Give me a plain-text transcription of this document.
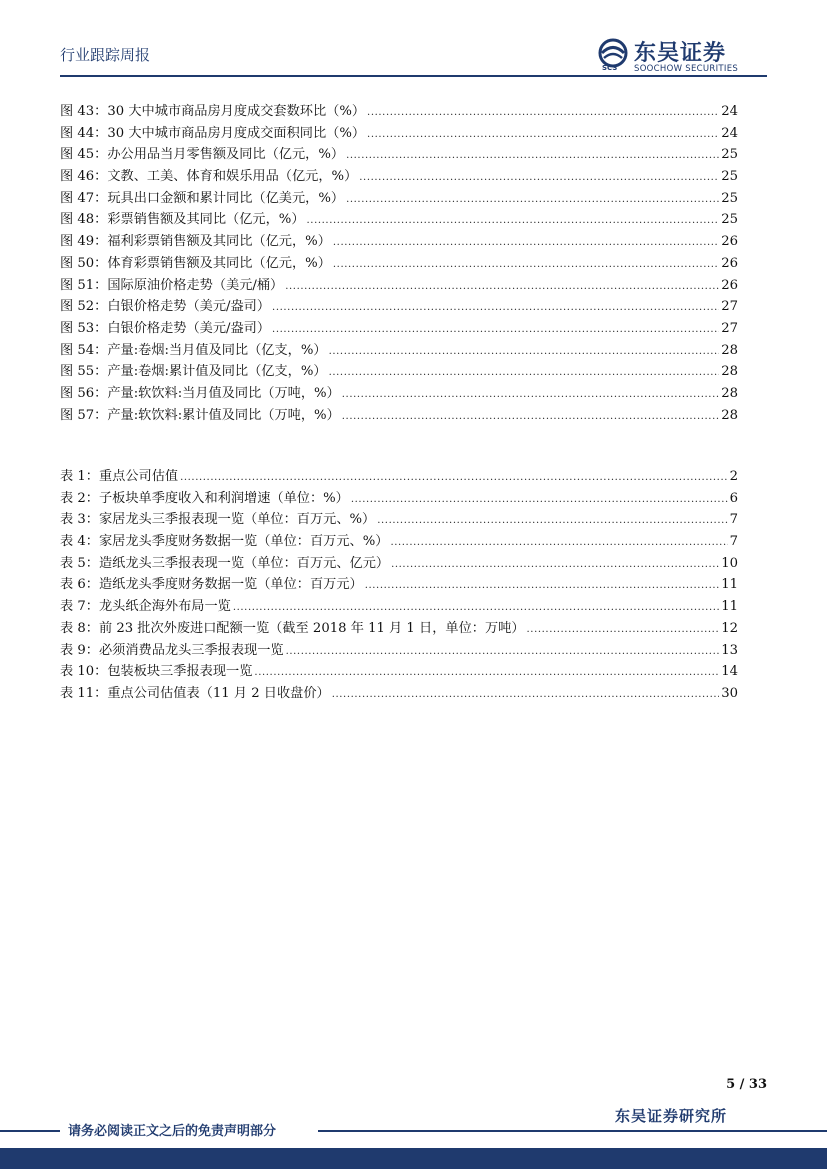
行业跟踪周报
SCS
东吴证券
SOOCHOW SECURITIES
图 43：30 大中城市商品房月度成交套数环比（%） .....	24
图 44：30 大中城市商品房月度成交面积同比（%） .....	24
图 45：办公用品当月零售额及同比（亿元，%） .....	25
图 46：文教、工美、体育和娱乐用品（亿元，%） .....	25
图 47：玩具出口金额和累计同比（亿美元，%） .....	25
图 48：彩票销售额及其同比（亿元，%） .....	25
图 49：福利彩票销售额及其同比（亿元，%） .....	26
图 50：体育彩票销售额及其同比（亿元，%） .....	26
图 51：国际原油价格走势（美元/桶） .....	26
图 52：白银价格走势（美元/盎司） .....	27
图 53：白银价格走势（美元/盎司） .....	27
图 54：产量:卷烟:当月值及同比（亿支，%） .....	28
图 55：产量:卷烟:累计值及同比（亿支，%） .....	28
图 56：产量:软饮料:当月值及同比（万吨，%） .....	28
图 57：产量:软饮料:累计值及同比（万吨，%） .....	28
表 1：重点公司估值 .....	2
表 2：子板块单季度收入和利润增速（单位：%） .....	6
表 3：家居龙头三季报表现一览（单位：百万元、%） .....	7
表 4：家居龙头季度财务数据一览（单位：百万元、%） .....	7
表 5：造纸龙头三季报表现一览（单位：百万元、亿元） .....	10
表 6：造纸龙头季度财务数据一览（单位：百万元） .....	11
表 7：龙头纸企海外布局一览 .....	11
表 8：前 23 批次外废进口配额一览（截至 2018 年 11 月 1 日，单位：万吨） .....	12
表 9：必须消费品龙头三季报表现一览 .....	13
表 10：包装板块三季报表现一览 .....	14
表 11：重点公司估值表（11 月 2 日收盘价） .....	30
5 / 33
东吴证券研究所
请务必阅读正文之后的免责声明部分
